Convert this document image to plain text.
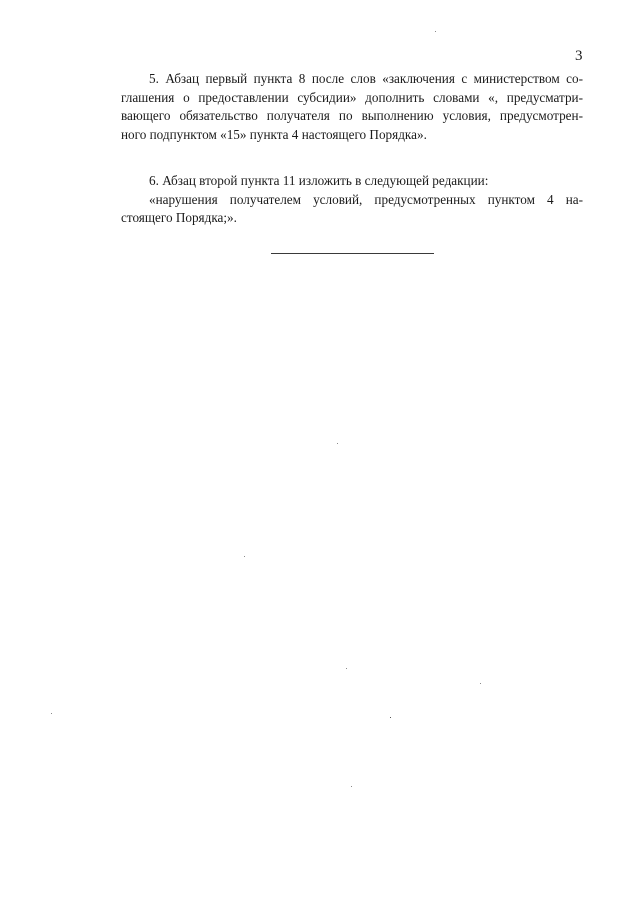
3
5. Абзац первый пункта 8 после слов «заключения с министерством со-
глашения о предоставлении субсидии» дополнить словами «, предусматри-
вающего обязательство получателя по выполнению условия, предусмотрен-
ного подпунктом «15» пункта 4 настоящего Порядка».
6. Абзац второй пункта 11 изложить в следующей редакции:
«нарушения получателем условий, предусмотренных пунктом 4 на-
стоящего Порядка;».
